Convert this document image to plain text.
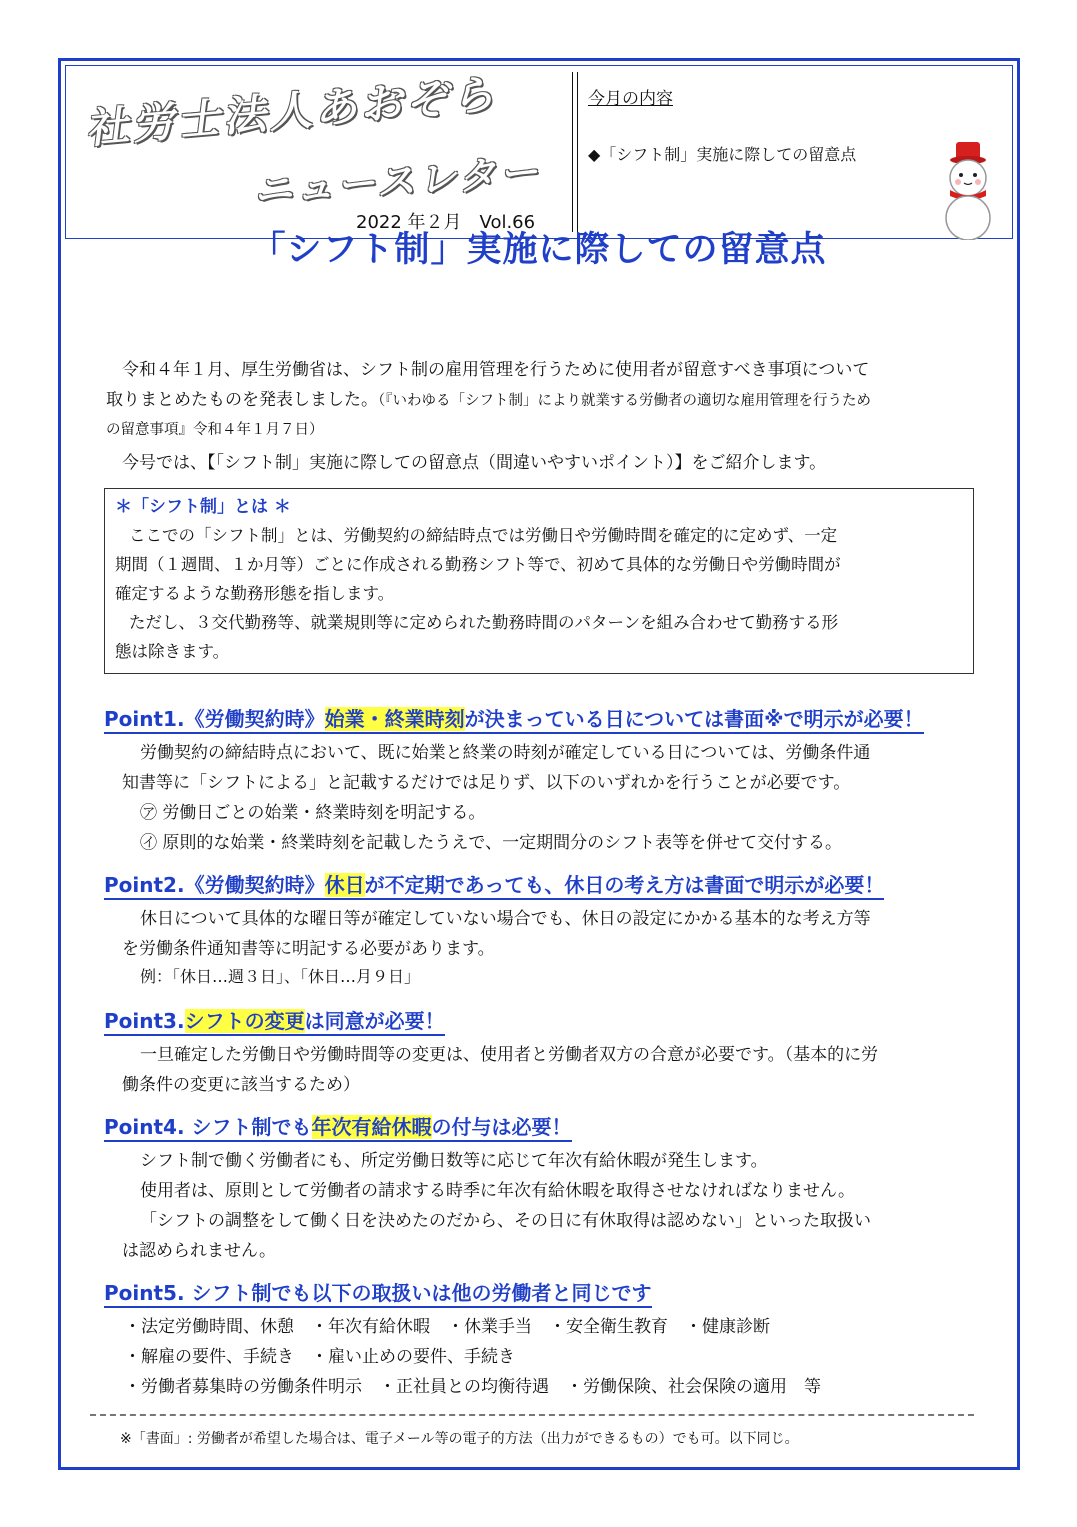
社労士法人あおぞら
ニュースレター
2022 年２月　Vol.66
今月の内容
◆「シフト制」実施に際しての留意点
「シフト制」実施に際しての留意点
令和４年１月、厚生労働省は、シフト制の雇用管理を行うために使用者が留意すべき事項について
取りまとめたものを発表しました。（『いわゆる「シフト制」により就業する労働者の適切な雇用管理を行うため
の留意事項』令和４年１月７日）
今号では、【「シフト制」実施に際しての留意点（間違いやすいポイント）】をご紹介します。
＊「シフト制」とは ＊
ここでの「シフト制」とは、労働契約の締結時点では労働日や労働時間を確定的に定めず、一定
期間（１週間、１か月等）ごとに作成される勤務シフト等で、初めて具体的な労働日や労働時間が
確定するような勤務形態を指します。
ただし、３交代勤務等、就業規則等に定められた勤務時間のパターンを組み合わせて勤務する形
態は除きます。
Point1.《労働契約時》始業・終業時刻が決まっている日については書面※で明示が必要！
労働契約の締結時点において、既に始業と終業の時刻が確定している日については、労働条件通
知書等に「シフトによる」と記載するだけでは足りず、以下のいずれかを行うことが必要です。
㋐ 労働日ごとの始業・終業時刻を明記する。
㋑ 原則的な始業・終業時刻を記載したうえで、一定期間分のシフト表等を併せて交付する。
Point2.《労働契約時》休日が不定期であっても、休日の考え方は書面で明示が必要！
休日について具体的な曜日等が確定していない場合でも、休日の設定にかかる基本的な考え方等
を労働条件通知書等に明記する必要があります。
例：「休日…週３日」、「休日…月９日」
Point3.シフトの変更は同意が必要！
一旦確定した労働日や労働時間等の変更は、使用者と労働者双方の合意が必要です。（基本的に労
働条件の変更に該当するため）
Point4. シフト制でも年次有給休暇の付与は必要！
シフト制で働く労働者にも、所定労働日数等に応じて年次有給休暇が発生します。
使用者は、原則として労働者の請求する時季に年次有給休暇を取得させなければなりません。
「シフトの調整をして働く日を決めたのだから、その日に有休取得は認めない」といった取扱い
は認められません。
Point5. シフト制でも以下の取扱いは他の労働者と同じです
・法定労働時間、休憩　・年次有給休暇　・休業手当　・安全衛生教育　・健康診断
・解雇の要件、手続き　・雇い止めの要件、手続き
・労働者募集時の労働条件明示　・正社員との均衡待遇　・労働保険、社会保険の適用　等
※「書面」: 労働者が希望した場合は、電子メール等の電子的方法（出力ができるもの）でも可。以下同じ。
